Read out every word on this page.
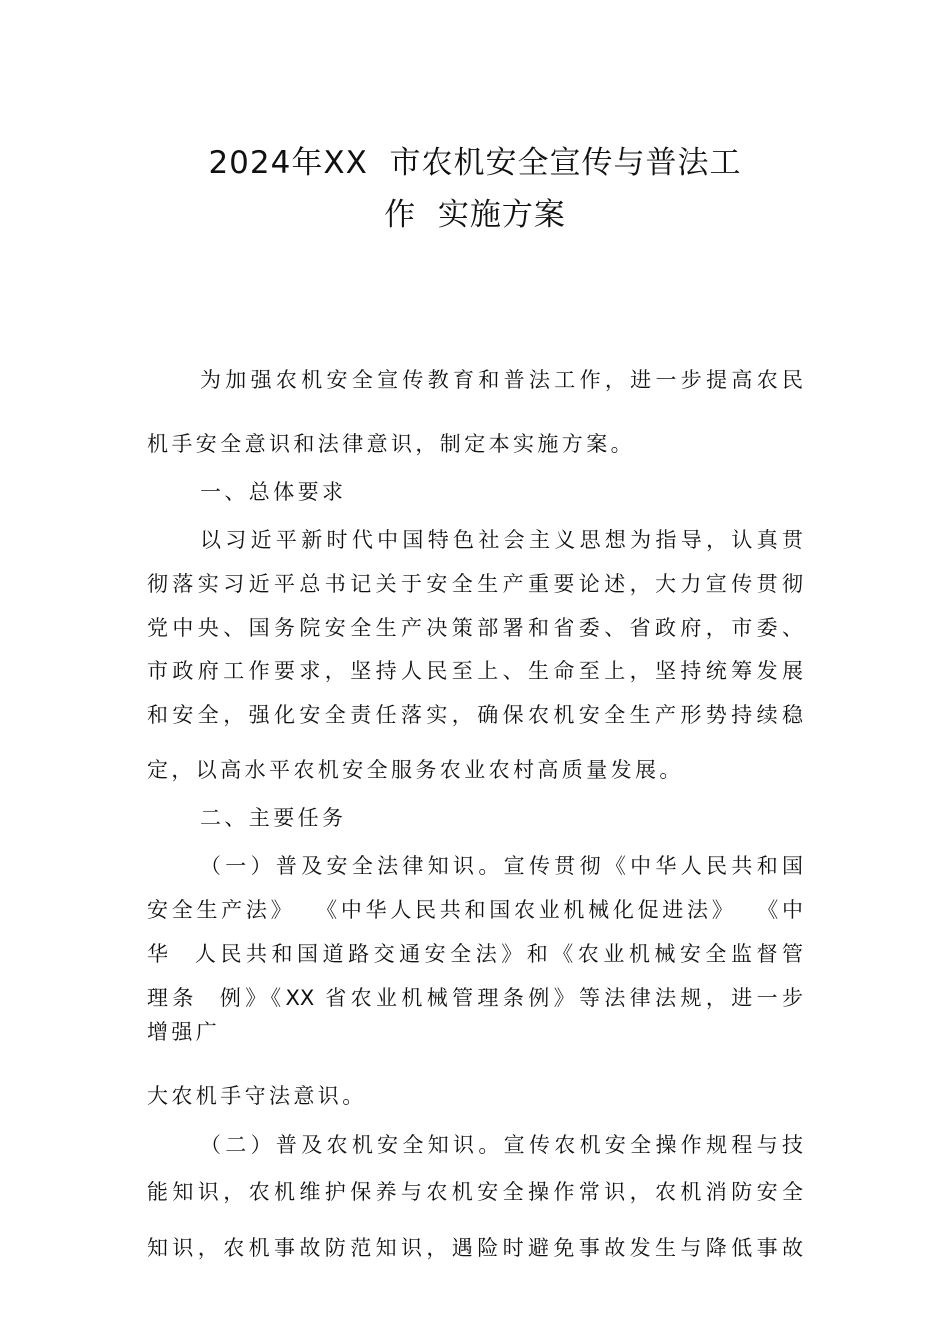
2024年XX  市农机安全宣传与普法工
作  实施方案
为加强农机安全宣传教育和普法工作，进一步提高农民
机手安全意识和法律意识，制定本实施方案。
一、总体要求
以习近平新时代中国特色社会主义思想为指导，认真贯
彻落实习近平总书记关于安全生产重要论述，大力宣传贯彻
党中央、国务院安全生产决策部署和省委、省政府，市委、
市政府工作要求，坚持人民至上、生命至上，坚持统筹发展
和安全，强化安全责任落实，确保农机安全生产形势持续稳
定，以高水平农机安全服务农业农村高质量发展。
二、主要任务
（一）普及安全法律知识。宣传贯彻《中华人民共和国
安全生产法》  《中华人民共和国农业机械化促进法》  《中
华  人民共和国道路交通安全法》和《农业机械安全监督管
理条  例》《XX 省农业机械管理条例》等法律法规，进一步
增强广
大农机手守法意识。
（二）普及农机安全知识。宣传农机安全操作规程与技
能知识，农机维护保养与农机安全操作常识，农机消防安全
知识，农机事故防范知识，遇险时避免事故发生与降低事故
